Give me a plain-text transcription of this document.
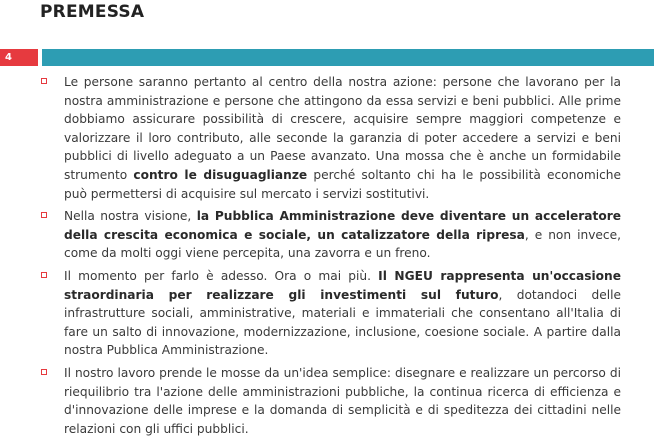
PREMESSA
4

Le persone saranno pertanto al centro della nostra azione: persone che lavorano per la nostra amministrazione e persone che attingono da essa servizi e beni pubblici. Alle prime dobbiamo assicurare possibilità di crescere, acquisire sempre maggiori competenze e valorizzare il loro contributo, alle seconde la garanzia di poter accedere a servizi e beni pubblici di livello adeguato a un Paese avanzato. Una mossa che è anche un formidabile strumento contro le disuguaglianze perché soltanto chi ha le possibilità economiche può permettersi di acquisire sul mercato i servizi sostitutivi.

Nella nostra visione, la Pubblica Amministrazione deve diventare un acceleratore della crescita economica e sociale, un catalizzatore della ripresa, e non invece, come da molti oggi viene percepita, una zavorra e un freno.

Il momento per farlo è adesso. Ora o mai più. Il NGEU rappresenta un'occasione straordinaria per realizzare gli investimenti sul futuro, dotandoci delle infrastrutture sociali, amministrative, materiali e immateriali che consentano all'Italia di fare un salto di innovazione, modernizzazione, inclusione, coesione sociale. A partire dalla nostra Pubblica Amministrazione.

Il nostro lavoro prende le mosse da un'idea semplice: disegnare e realizzare un percorso di riequilibrio tra l'azione delle amministrazioni pubbliche, la continua ricerca di efficienza e d'innovazione delle imprese e la domanda di semplicità e di speditezza dei cittadini nelle relazioni con gli uffici pubblici.
